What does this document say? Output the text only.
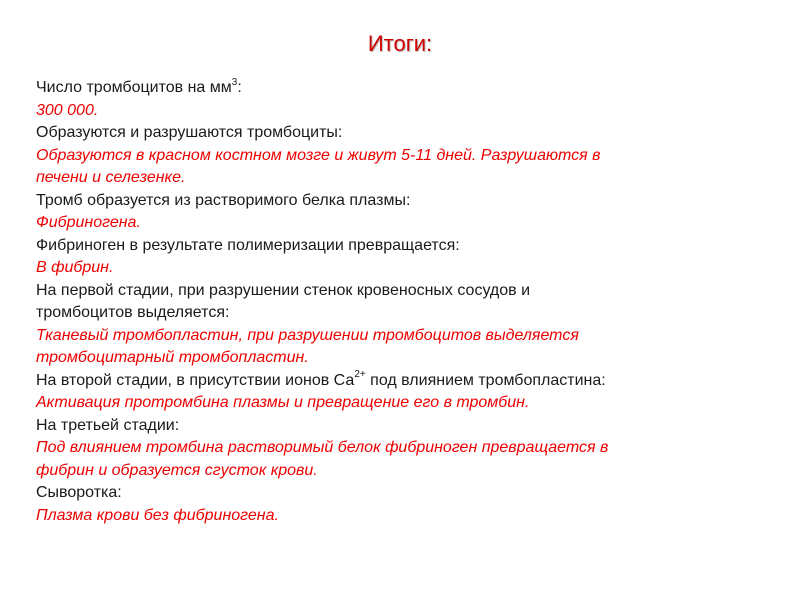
Итоги:

Число тромбоцитов на $мм^3$:

300 000.

Образуются и разрушаются тромбоциты:

Образуются в красном костном мозге и живут 5-11 дней. Разрушаются в

печени и селезенке.

Тромб образуется из растворимого белка плазмы:

Фибриногена.

Фибриноген в результате полимеризации превращается:

В фибрин.

На первой стадии, при разрушении стенок кровеносных сосудов и

тромбоцитов выделяется:

Тканевый тромбопластин, при разрушении тромбоцитов выделяется

тромбоцитарный тромбопластин.

На второй стадии, в присутствии ионов $Са^{2+}$ под влиянием тромбопластина:

Активация протромбина плазмы и превращение его в тромбин.

На третьей стадии:

Под влиянием тромбина растворимый белок фибриноген превращается в

фибрин и образуется сгусток крови.

Сыворотка:

Плазма крови без фибриногена.
